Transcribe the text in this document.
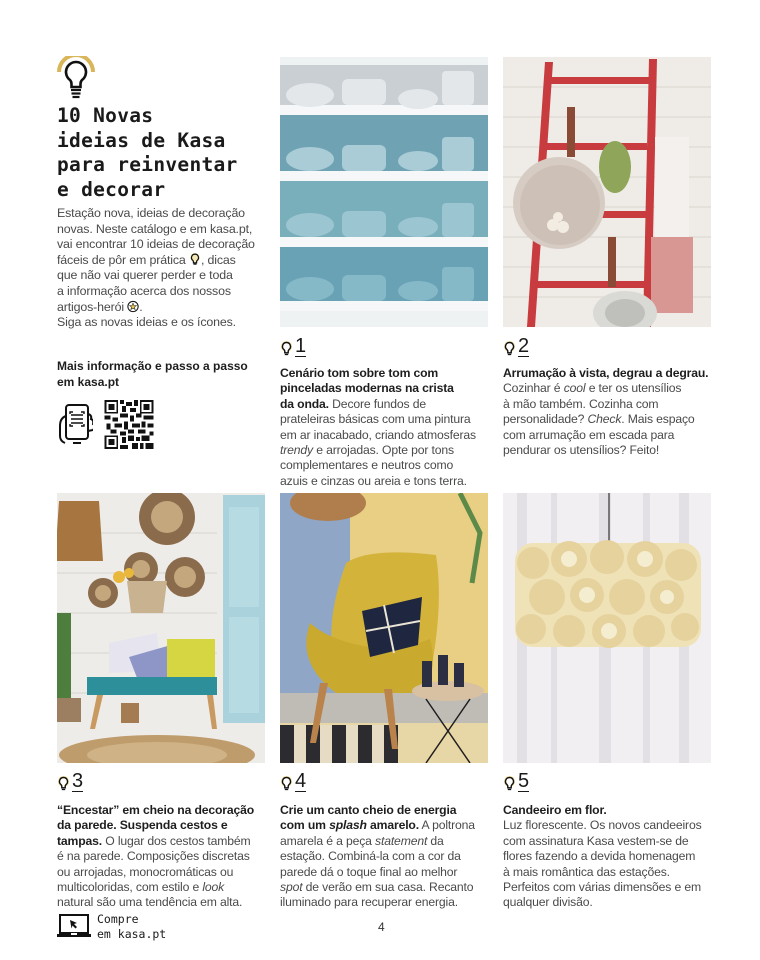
10 Novas
ideias de Kasa
para reinventar
e decorar
Estação nova, ideias de decoração
novas. Neste catálogo e em kasa.pt,
vai encontrar 10 ideias de decoração
fáceis de pôr em prática , dicas
que não vai querer perder e toda
a informação acerca dos nossos
artigos-herói .
Siga as novas ideias e os ícones.
Mais informação e passo a passo
em kasa.pt
1
Cenário tom sobre tom com
pinceladas modernas na crista
da onda. Decore fundos de
prateleiras básicas com uma pintura
em ar inacabado, criando atmosferas
trendy e arrojadas. Opte por tons
complementares e neutros como
azuis e cinzas ou areia e tons terra.
2
Arrumação à vista, degrau a degrau.
Cozinhar é cool e ter os utensílios
à mão também. Cozinha com
personalidade? Check. Mais espaço
com arrumação em escada para
pendurar os utensílios? Feito!
3
“Encestar” em cheio na decoração
da parede. Suspenda cestos e
tampas. O lugar dos cestos também
é na parede. Composições discretas
ou arrojadas, monocromáticas ou
multicoloridas, com estilo e look
natural são uma tendência em alta.
4
Crie um canto cheio de energia
com um splash amarelo. A poltrona
amarela é a peça statement da
estação. Combiná-la com a cor da
parede dá o toque final ao melhor
spot de verão em sua casa. Recanto
iluminado para recuperar energia.
5
Candeeiro em flor.
Luz florescente. Os novos candeeiros
com assinatura Kasa vestem-se de
flores fazendo a devida homenagem
à mais romântica das estações.
Perfeitos com várias dimensões e em
qualquer divisão.
Compre
em kasa.pt	4
